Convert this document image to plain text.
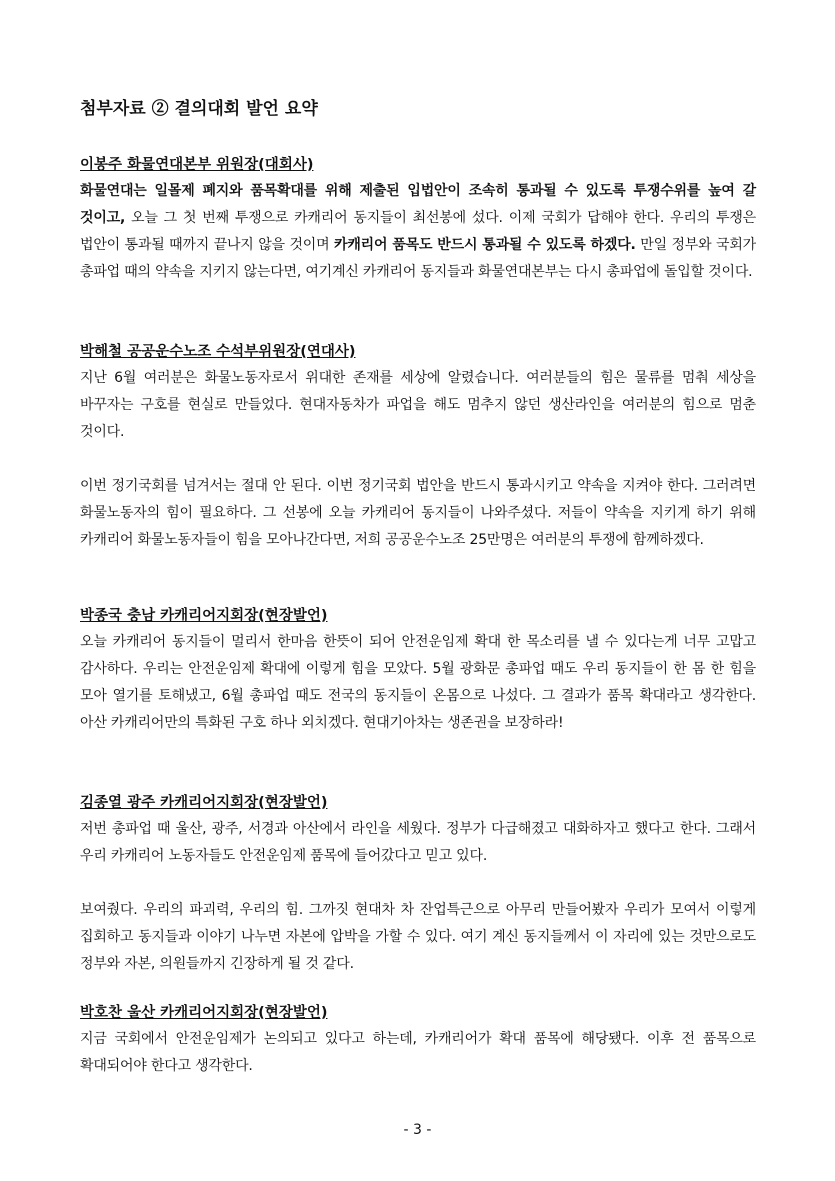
첨부자료 ② 결의대회 발언 요약

이봉주 화물연대본부 위원장(대회사)

화물연대는 일몰제 폐지와 품목확대를 위해 제출된 입법안이 조속히 통과될 수 있도록 투쟁수위를 높여 갈 것이고, 오늘 그 첫 번째 투쟁으로 카캐리어 동지들이 최선봉에 섰다. 이제 국회가 답해야 한다. 우리의 투쟁은 법안이 통과될 때까지 끝나지 않을 것이며 카캐리어 품목도 반드시 통과될 수 있도록 하겠다. 만일 정부와 국회가 총파업 때의 약속을 지키지 않는다면, 여기계신 카캐리어 동지들과 화물연대본부는 다시 총파업에 돌입할 것이다.

박해철 공공운수노조 수석부위원장(연대사)

지난 6월 여러분은 화물노동자로서 위대한 존재를 세상에 알렸습니다. 여러분들의 힘은 물류를 멈춰 세상을 바꾸자는 구호를 현실로 만들었다. 현대자동차가 파업을 해도 멈추지 않던 생산라인을 여러분의 힘으로 멈춘 것이다.

이번 정기국회를 넘겨서는 절대 안 된다. 이번 정기국회 법안을 반드시 통과시키고 약속을 지켜야 한다. 그러려면 화물노동자의 힘이 필요하다. 그 선봉에 오늘 카캐리어 동지들이 나와주셨다. 저들이 약속을 지키게 하기 위해 카캐리어 화물노동자들이 힘을 모아나간다면, 저희 공공운수노조 25만명은 여러분의 투쟁에 함께하겠다.

박종국 충남 카캐리어지회장(현장발언)

오늘 카캐리어 동지들이 멀리서 한마음 한뜻이 되어 안전운임제 확대 한 목소리를 낼 수 있다는게 너무 고맙고 감사하다. 우리는 안전운임제 확대에 이렇게 힘을 모았다. 5월 광화문 총파업 때도 우리 동지들이 한 몸 한 힘을 모아 열기를 토해냈고, 6월 총파업 때도 전국의 동지들이 온몸으로 나섰다. 그 결과가 품목 확대라고 생각한다. 아산 카캐리어만의 특화된 구호 하나 외치겠다. 현대기아차는 생존권을 보장하라!

김종열 광주 카캐리어지회장(현장발언)

저번 총파업 때 울산, 광주, 서경과 아산에서 라인을 세웠다. 정부가 다급해졌고 대화하자고 했다고 한다. 그래서 우리 카캐리어 노동자들도 안전운임제 품목에 들어갔다고 믿고 있다.

보여줬다. 우리의 파괴력, 우리의 힘. 그까짓 현대차 차 잔업특근으로 아무리 만들어봤자 우리가 모여서 이렇게 집회하고 동지들과 이야기 나누면 자본에 압박을 가할 수 있다. 여기 계신 동지들께서 이 자리에 있는 것만으로도 정부와 자본, 의원들까지 긴장하게 될 것 같다.

박호찬 울산 카캐리어지회장(현장발언)

지금 국회에서 안전운임제가 논의되고 있다고 하는데, 카캐리어가 확대 품목에 해당됐다. 이후 전 품목으로 확대되어야 한다고 생각한다.

- 3 -
